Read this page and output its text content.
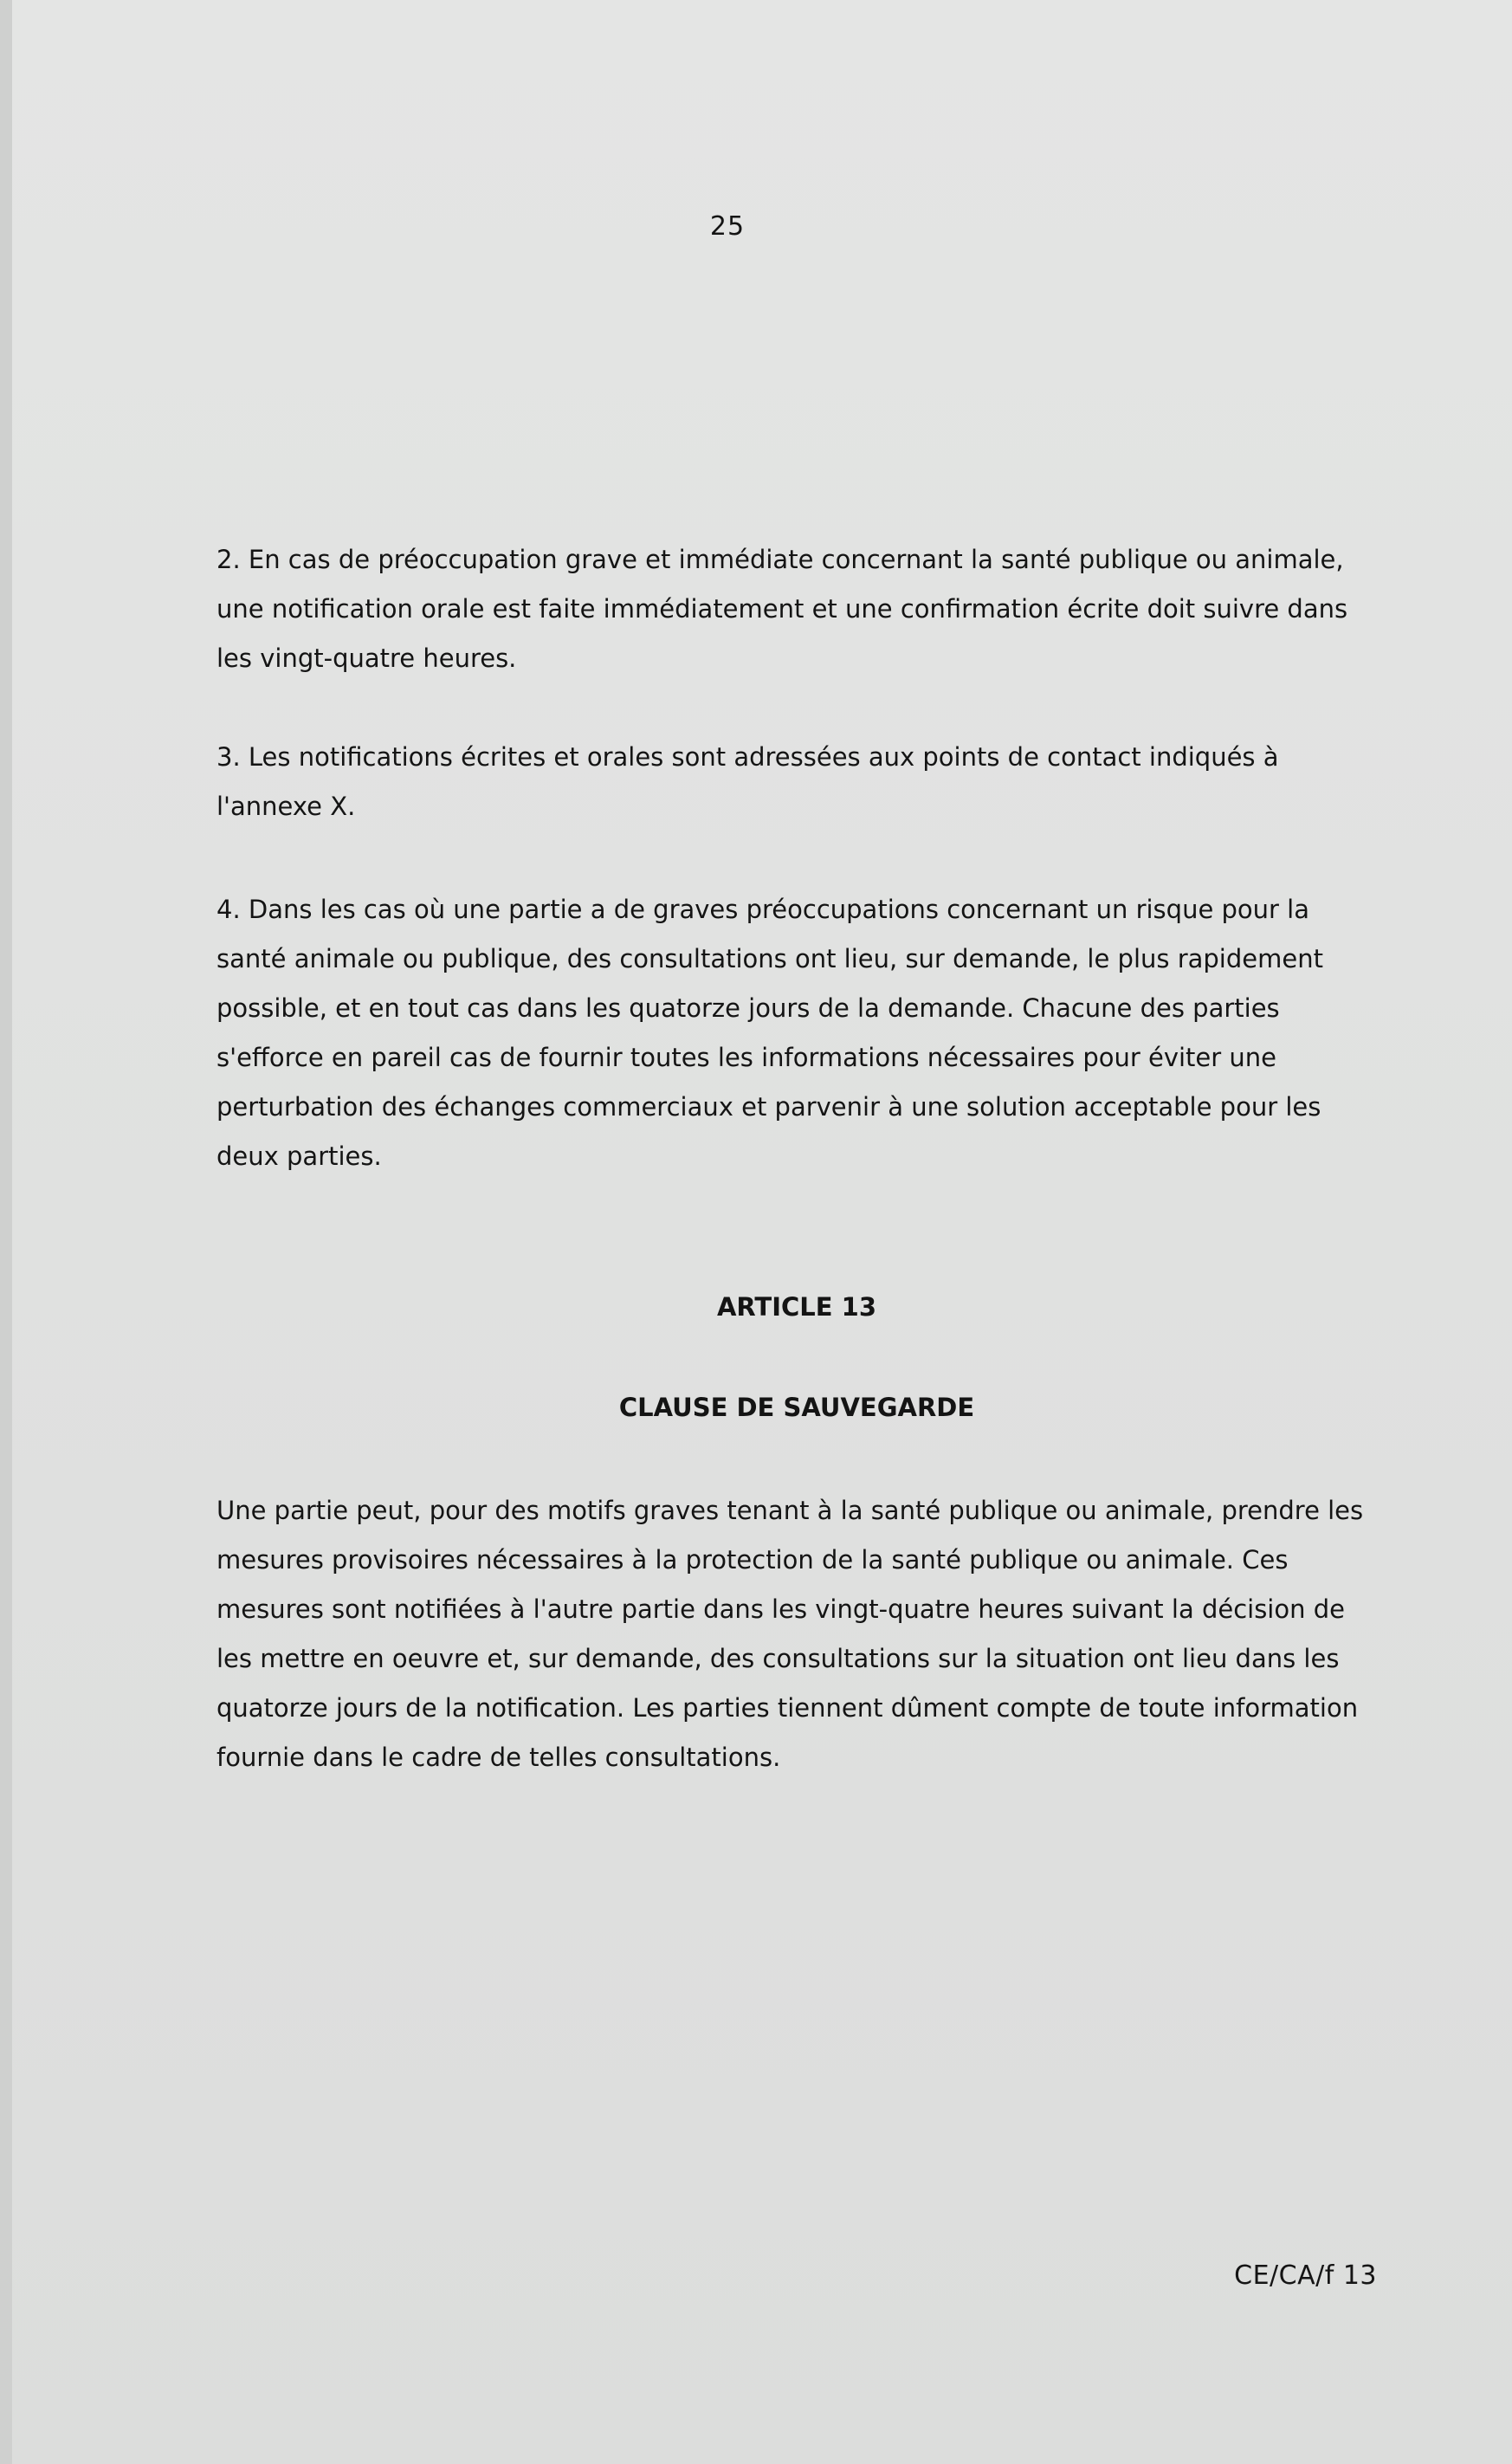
25

2. En cas de préoccupation grave et immédiate concernant la santé publique ou animale, une notification orale est faite immédiatement et une confirmation écrite doit suivre dans les vingt-quatre heures.

3. Les notifications écrites et orales sont adressées aux points de contact indiqués à l'annexe X.

4. Dans les cas où une partie a de graves préoccupations concernant un risque pour la santé animale ou publique, des consultations ont lieu, sur demande, le plus rapidement possible, et en tout cas dans les quatorze jours de la demande. Chacune des parties s'efforce en pareil cas de fournir toutes les informations nécessaires pour éviter une perturbation des échanges commerciaux et parvenir à une solution acceptable pour les deux parties.

ARTICLE 13
CLAUSE DE SAUVEGARDE

Une partie peut, pour des motifs graves tenant à la santé publique ou animale, prendre les mesures provisoires nécessaires à la protection de la santé publique ou animale. Ces mesures sont notifiées à l'autre partie dans les vingt-quatre heures suivant la décision de les mettre en oeuvre et, sur demande, des consultations sur la situation ont lieu dans les quatorze jours de la notification. Les parties tiennent dûment compte de toute information fournie dans le cadre de telles consultations.

CE/CA/f 13
